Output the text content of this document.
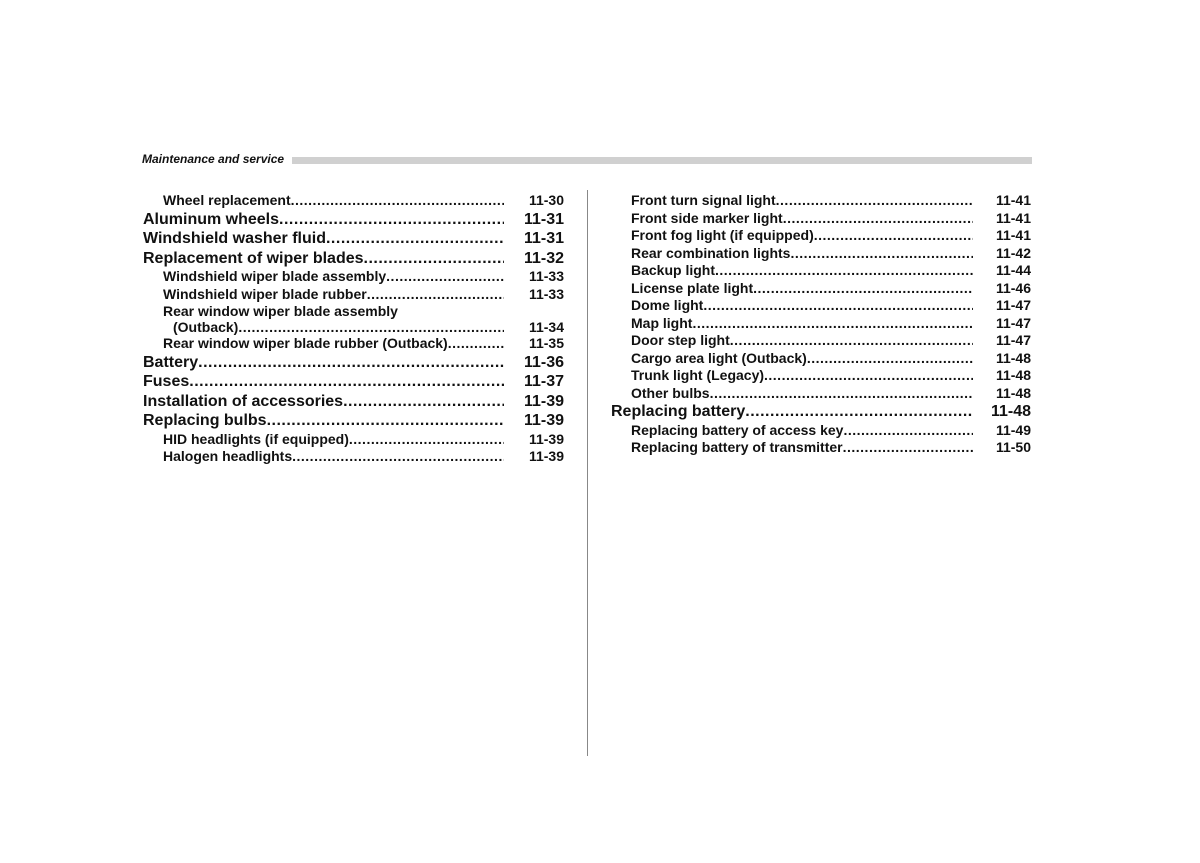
Maintenance and service
Wheel replacement .....	11-30
Aluminum wheels .....	11-31
Windshield washer fluid .....	11-31
Replacement of wiper blades .....	11-32
Windshield wiper blade assembly .....	11-33
Windshield wiper blade rubber .....	11-33
Rear window wiper blade assembly
(Outback) .....	11-34
Rear window wiper blade rubber (Outback) .....	11-35
Battery .....	11-36
Fuses .....	11-37
Installation of accessories .....	11-39
Replacing bulbs .....	11-39
HID headlights (if equipped) .....	11-39
Halogen headlights .....	11-39
Front turn signal light .....	11-41
Front side marker light .....	11-41
Front fog light (if equipped) .....	11-41
Rear combination lights .....	11-42
Backup light .....	11-44
License plate light .....	11-46
Dome light .....	11-47
Map light .....	11-47
Door step light .....	11-47
Cargo area light (Outback) .....	11-48
Trunk light (Legacy) .....	11-48
Other bulbs .....	11-48
Replacing battery .....	11-48
Replacing battery of access key .....	11-49
Replacing battery of transmitter .....	11-50
